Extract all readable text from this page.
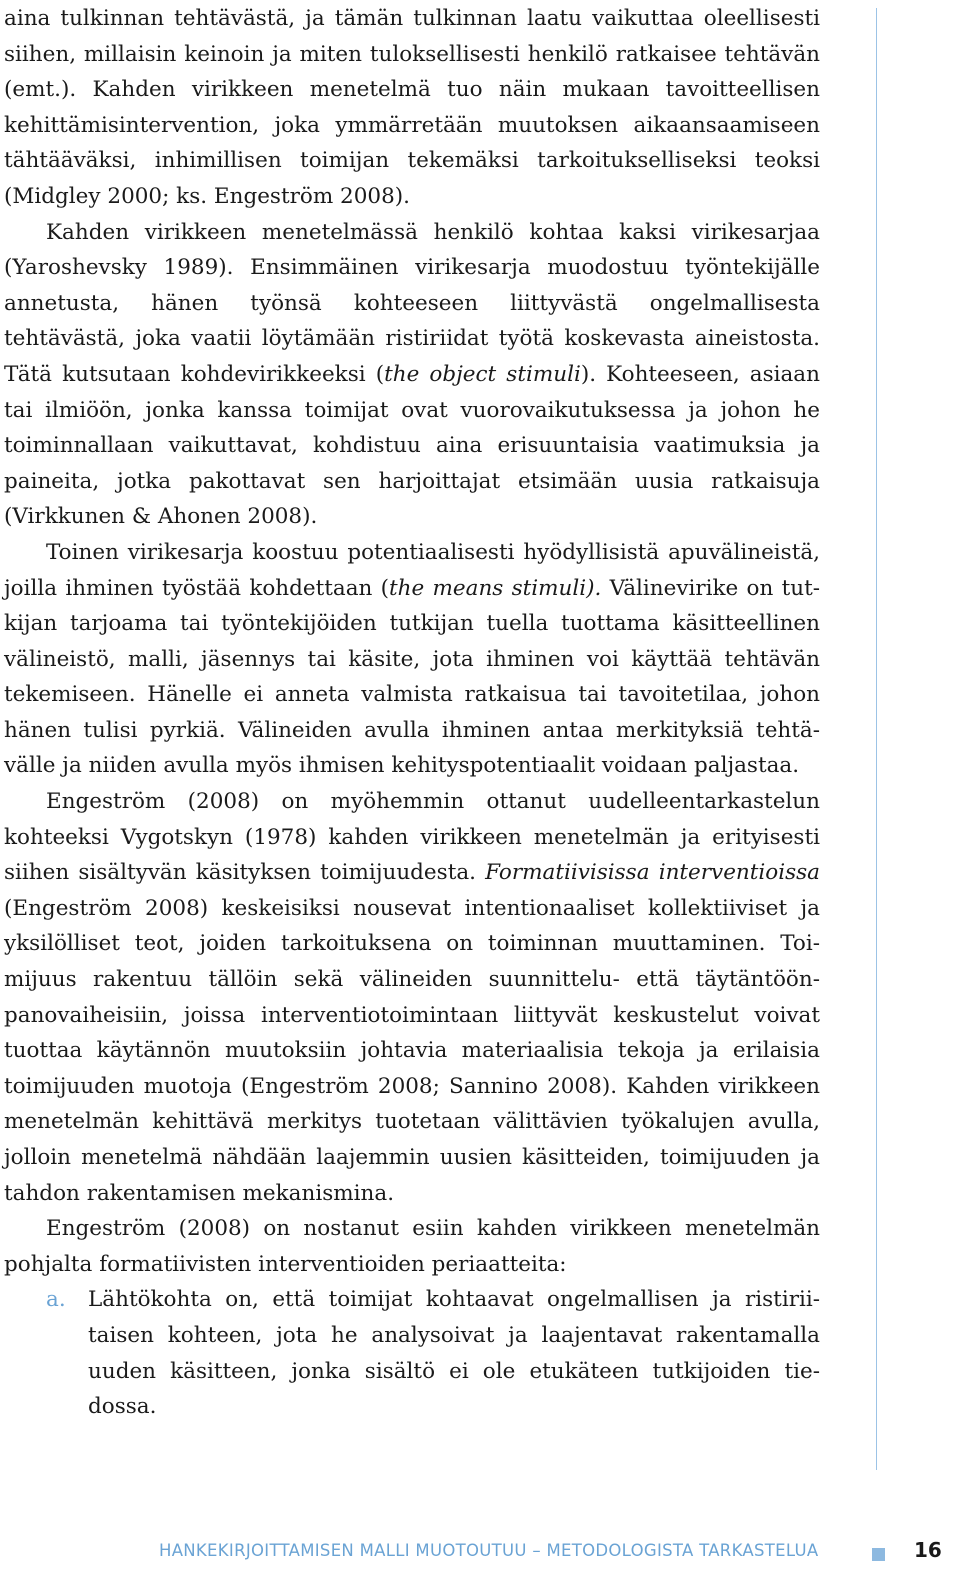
aina tulkinnan tehtävästä, ja tämän tulkinnan laatu vaikuttaa oleellisesti siihen, millaisin keinoin ja miten tuloksellisesti henkilö ratkaisee tehtävän (emt.). Kahden virikkeen menetelmä tuo näin mukaan tavoitteellisen kehittämisintervention, joka ymmärretään muutoksen aikaansaamiseen tähtääväksi, inhimillisen toimijan tekemäksi tarkoitukselliseksi teoksi (Midgley 2000; ks. Engeström 2008).

Kahden virikkeen menetelmässä henkilö kohtaa kaksi virikesarjaa (Yaroshevsky 1989). Ensimmäinen virikesarja muodostuu työntekijälle annetusta, hänen työnsä kohteeseen liittyvästä ongelmallisesta tehtävästä, joka vaatii löytämään ristiriidat työtä koskevasta aineistosta. Tätä kutsutaan kohdevirikkeeksi (the object stimuli). Kohteeseen, asiaan tai ilmiöön, jonka kanssa toimijat ovat vuorovaikutuksessa ja johon he toiminnallaan vaikuttavat, kohdistuu aina erisuuntaisia vaatimuksia ja paineita, jotka pakottavat sen harjoittajat etsimään uusia ratkaisuja (Virkkunen & Ahonen 2008).

Toinen virikesarja koostuu potentiaalisesti hyödyllisistä apuvälineistä, joilla ihminen työstää kohdettaan (the means stimuli). Välinevirike on tutkijan tarjoama tai työntekijöiden tutkijan tuella tuottama käsitteellinen välineistö, malli, jäsennys tai käsite, jota ihminen voi käyttää tehtävän tekemiseen. Hänelle ei anneta valmista ratkaisua tai tavoitetilaa, johon hänen tulisi pyrkiä. Välineiden avulla ihminen antaa merkityksiä tehtävälle ja niiden avulla myös ihmisen kehityspotentiaalit voidaan paljastaa.

Engeström (2008) on myöhemmin ottanut uudelleentarkastelun kohteeksi Vygotskyn (1978) kahden virikkeen menetelmän ja erityisesti siihen sisältyvän käsityksen toimijuudesta. Formatiivisissa interventioissa (Engeström 2008) keskeisiksi nousevat intentionaaliset kollektiiviset ja yksilölliset teot, joiden tarkoituksena on toiminnan muuttaminen. Toimijuus rakentuu tällöin sekä välineiden suunnittelu- että täytäntöönpanovaiheisiin, joissa interventiotoimintaan liittyvät keskustelut voivat tuottaa käytännön muutoksiin johtavia materiaalisia tekoja ja erilaisia toimijuuden muotoja (Engeström 2008; Sannino 2008). Kahden virikkeen menetelmän kehittävä merkitys tuotetaan välittävien työkalujen avulla, jolloin menetelmä nähdään laajemmin uusien käsitteiden, toimijuuden ja tahdon rakentamisen mekanismina.

Engeström (2008) on nostanut esiin kahden virikkeen menetelmän pohjalta formatiivisten interventioiden periaatteita:

a. Lähtökohta on, että toimijat kohtaavat ongelmallisen ja ristiriitaisen kohteen, jota he analysoivat ja laajentavat rakentamalla uuden käsitteen, jonka sisältö ei ole etukäteen tutkijoiden tiedossa.
HANKEKIRJOITTAMISEN MALLI MUOTOUTUU – METODOLOGISTA TARKASTELUA	16
